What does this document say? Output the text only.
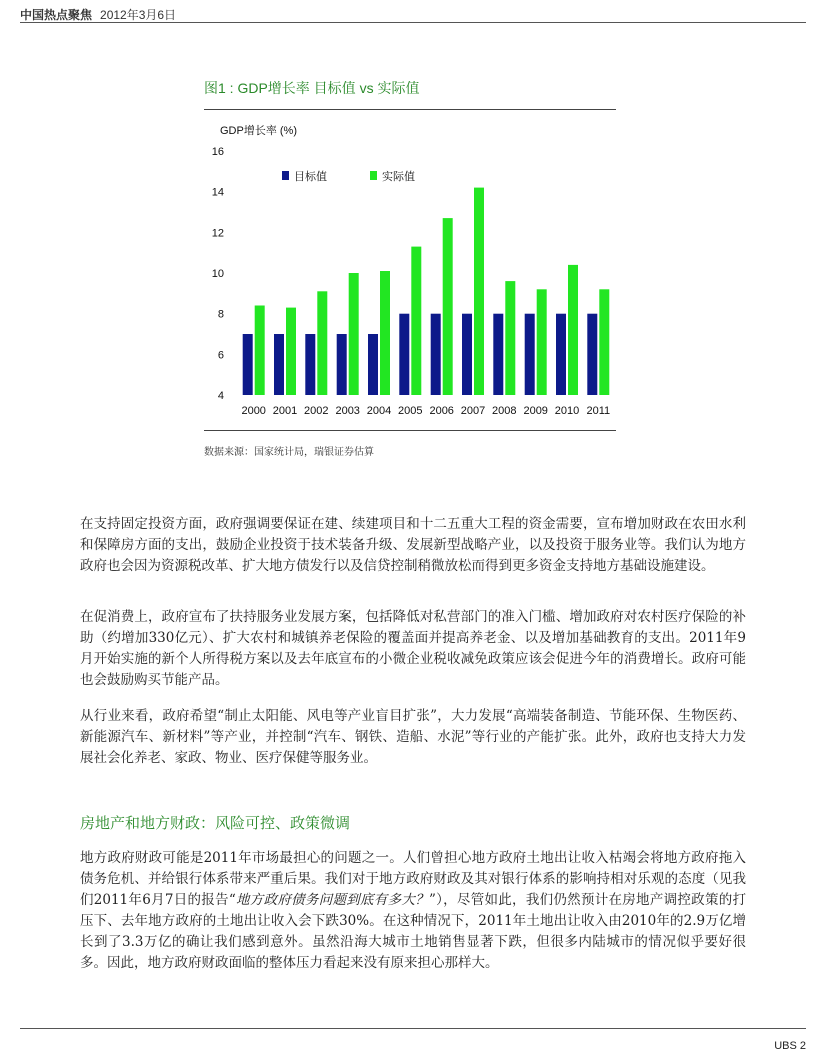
中国热点聚焦 2012年3月6日
图1 : GDP增长率 目标值 vs 实际值
GDP增长率 (%)
16
14
12
10
8
6
4
2000 2001 2002 2003 2004 2005 2006 2007 2008 2009 2010 2011
目标值	实际值
数据来源：国家统计局，瑞银证券估算

在支持固定投资方面，政府强调要保证在建、续建项目和十二五重大工程的资金需要，宣布增加财政在农田水利和保障房方面的支出，鼓励企业投资于技术装备升级、发展新型战略产业，以及投资于服务业等。我们认为地方政府也会因为资源税改革、扩大地方债发行以及信贷控制稍微放松而得到更多资金支持地方基础设施建设。

在促消费上，政府宣布了扶持服务业发展方案，包括降低对私营部门的准入门槛、增加政府对农村医疗保险的补助（约增加330亿元）、扩大农村和城镇养老保险的覆盖面并提高养老金、以及增加基础教育的支出。2011年9月开始实施的新个人所得税方案以及去年底宣布的小微企业税收减免政策应该会促进今年的消费增长。政府可能也会鼓励购买节能产品。

从行业来看，政府希望“制止太阳能、风电等产业盲目扩张”，大力发展“高端装备制造、节能环保、生物医药、新能源汽车、新材料”等产业，并控制“汽车、钢铁、造船、水泥”等行业的产能扩张。此外，政府也支持大力发展社会化养老、家政、物业、医疗保健等服务业。

房地产和地方财政：风险可控、政策微调

地方政府财政可能是2011年市场最担心的问题之一。人们曾担心地方政府土地出让收入枯竭会将地方政府拖入债务危机、并给银行体系带来严重后果。我们对于地方政府财政及其对银行体系的影响持相对乐观的态度（见我们2011年6月7日的报告“地方政府债务问题到底有多大？”），尽管如此，我们仍然预计在房地产调控政策的打压下、去年地方政府的土地出让收入会下跌30%。在这种情况下，2011年土地出让收入由2010年的2.9万亿增长到了3.3万亿的确让我们感到意外。虽然沿海大城市土地销售显著下跌，但很多内陆城市的情况似乎要好很多。因此，地方政府财政面临的整体压力看起来没有原来担心那样大。

UBS 2
